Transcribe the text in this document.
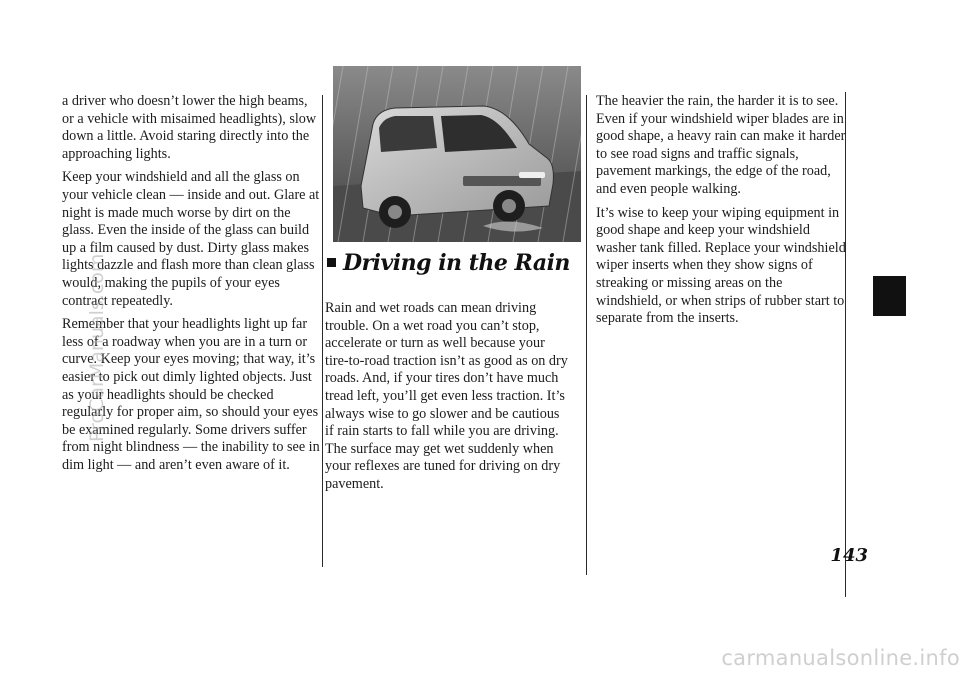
a driver who doesn’t lower the high beams, or a vehicle with misaimed headlights), slow down a little. Avoid staring directly into the approaching lights.

Keep your windshield and all the glass on your vehicle clean — inside and out. Glare at night is made much worse by dirt on the glass. Even the inside of the glass can build up a film caused by dust. Dirty glass makes lights dazzle and flash more than clean glass would, making the pupils of your eyes contract repeatedly.

Remember that your headlights light up far less of a roadway when you are in a turn or curve. Keep your eyes moving; that way, it’s easier to pick out dimly lighted objects. Just as your headlights should be checked regularly for proper aim, so should your eyes be examined regularly. Some drivers suffer from night blindness — the inability to see in dim light — and aren’t even aware of it.

Driving in the Rain

Rain and wet roads can mean driving trouble. On a wet road you can’t stop, accelerate or turn as well because your tire-to-road traction isn’t as good as on dry roads. And, if your tires don’t have much tread left, you’ll get even less traction. It’s always wise to go slower and be cautious if rain starts to fall while you are driving. The surface may get wet suddenly when your reflexes are tuned for driving on dry pavement.

The heavier the rain, the harder it is to see. Even if your windshield wiper blades are in good shape, a heavy rain can make it harder to see road signs and traffic signals, pavement markings, the edge of the road, and even people walking.

It’s wise to keep your wiping equipment in good shape and keep your windshield washer tank filled. Replace your windshield wiper inserts when they show signs of streaking or missing areas on the windshield, or when strips of rubber start to separate from the inserts.

143
ProCarManuals.com
carmanualsonline.info
